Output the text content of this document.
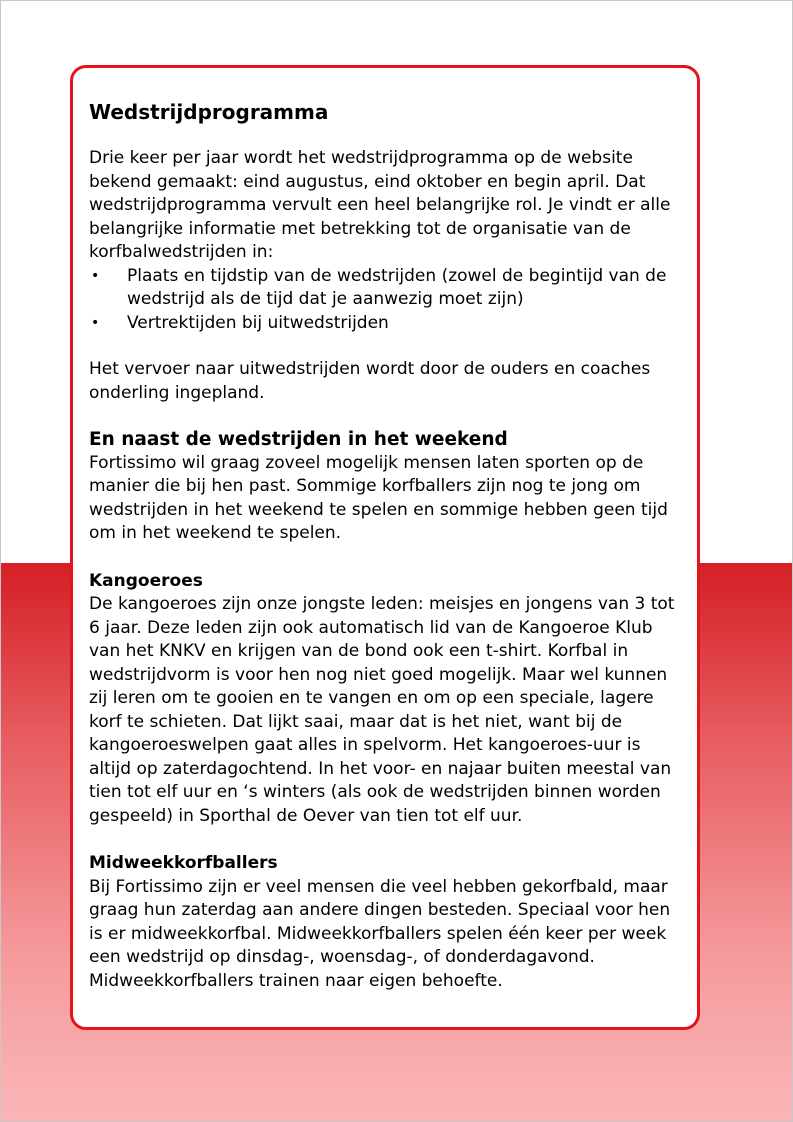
Wedstrijdprogramma

Drie keer per jaar wordt het wedstrijdprogramma op de website bekend gemaakt: eind augustus, eind oktober en begin april. Dat wedstrijdprogramma vervult een heel belangrijke rol. Je vindt er alle belangrijke informatie met betrekking tot de organisatie van de korfbalwedstrijden in:

• Plaats en tijdstip van de wedstrijden (zowel de begintijd van de wedstrijd als de tijd dat je aanwezig moet zijn)
• Vertrektijden bij uitwedstrijden

Het vervoer naar uitwedstrijden wordt door de ouders en coaches onderling ingepland.

En naast de wedstrijden in het weekend

Fortissimo wil graag zoveel mogelijk mensen laten sporten op de manier die bij hen past. Sommige korfballers zijn nog te jong om wedstrijden in het weekend te spelen en sommige hebben geen tijd om in het weekend te spelen.

Kangoeroes

De kangoeroes zijn onze jongste leden: meisjes en jongens van 3 tot 6 jaar. Deze leden zijn ook automatisch lid van de Kangoeroe Klub van het KNKV en krijgen van de bond ook een t-shirt. Korfbal in wedstrijdvorm is voor hen nog niet goed mogelijk. Maar wel kunnen zij leren om te gooien en te vangen en om op een speciale, lagere korf te schieten. Dat lijkt saai, maar dat is het niet, want bij de kangoeroeswelpen gaat alles in spelvorm. Het kangoeroes-uur is altijd op zaterdagochtend. In het voor- en najaar buiten meestal van tien tot elf uur en ‘s winters (als ook de wedstrijden binnen worden gespeeld) in Sporthal de Oever van tien tot elf uur.

Midweekkorfballers

Bij Fortissimo zijn er veel mensen die veel hebben gekorfbald, maar graag hun zaterdag aan andere dingen besteden. Speciaal voor hen is er midweekkorfbal. Midweekkorfballers spelen één keer per week een wedstrijd op dinsdag-, woensdag-, of donderdagavond. Midweekkorfballers trainen naar eigen behoefte.
